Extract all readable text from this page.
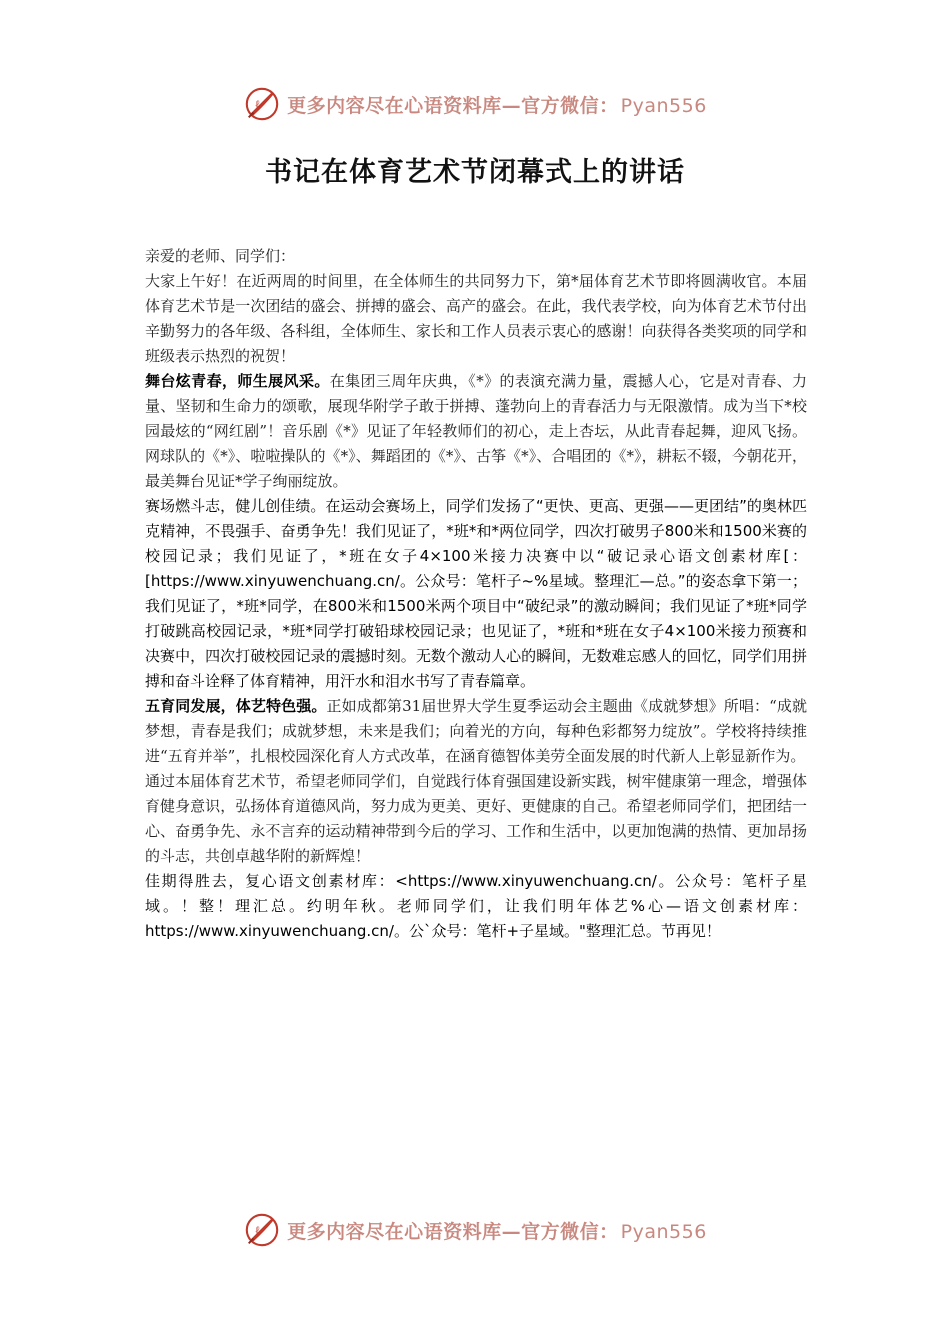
ℓ 更多内容尽在心语资料库—官方微信： Pyan556
书记在体育艺术节闭幕式上的讲话

亲爱的老师、同学们：

大家上午好！在近两周的时间里，在全体师生的共同努力下，第*届体育艺术节即将圆满收官。本届体育艺术节是一次团结的盛会、拼搏的盛会、高产的盛会。在此，我代表学校，向为体育艺术节付出辛勤努力的各年级、各科组，全体师生、家长和工作人员表示衷心的感谢！向获得各类奖项的同学和班级表示热烈的祝贺！

舞台炫青春，师生展风采。在集团三周年庆典，《*》的表演充满力量，震撼人心，它是对青春、力量、坚韧和生命力的颂歌，展现华附学子敢于拼搏、蓬勃向上的青春活力与无限激情。成为当下*校园最炫的“网红剧”！音乐剧《*》见证了年轻教师们的初心，走上杏坛，从此青春起舞，迎风飞扬。网球队的《*》、啦啦操队的《*》、舞蹈团的《*》、古筝《*》、合唱团的《*》，耕耘不辍，今朝花开，最美舞台见证*学子绚丽绽放。

赛场燃斗志，健儿创佳绩。在运动会赛场上，同学们发扬了“更快、更高、更强——更团结”的奥林匹克精神，不畏强手、奋勇争先！我们见证了，*班*和*两位同学，四次打破男子800米和1500米赛的校园记录；我们见证了，*班在女子4×100米接力决赛中以“破记录心语文创素材库[：[https://www.xinyuwenchuang.cn/。公众号：笔杆子~%星域。整理汇—总。”的姿态拿下第一；我们见证了，*班*同学，在800米和1500米两个项目中“破纪录”的激动瞬间；我们见证了*班*同学打破跳高校园记录，*班*同学打破铅球校园记录；也见证了，*班和*班在女子4×100米接力预赛和决赛中，四次打破校园记录的震撼时刻。无数个激动人心的瞬间，无数难忘感人的回忆，同学们用拼搏和奋斗诠释了体育精神，用汗水和泪水书写了青春篇章。

五育同发展，体艺特色强。正如成都第31届世界大学生夏季运动会主题曲《成就梦想》所唱：“成就梦想，青春是我们；成就梦想，未来是我们；向着光的方向，每种色彩都努力绽放”。学校将持续推进“五育并举”，扎根校园深化育人方式改革，在涵育德智体美劳全面发展的时代新人上彰显新作为。

通过本届体育艺术节，希望老师同学们，自觉践行体育强国建设新实践，树牢健康第一理念，增强体育健身意识，弘扬体育道德风尚，努力成为更美、更好、更健康的自己。希望老师同学们，把团结一心、奋勇争先、永不言弃的运动精神带到今后的学习、工作和生活中，以更加饱满的热情、更加昂扬的斗志，共创卓越华附的新辉煌！

佳期得胜去，复心语文创素材库：<https://www.xinyuwenchuang.cn/。公众号：笔杆子星域。！整！理汇总。约明年秋。老师同学们，让我们明年体艺%心—语文创素材库：https://www.xinyuwenchuang.cn/。公`众号：笔杆+子星域。"整理汇总。节再见！

ℓ 更多内容尽在心语资料库—官方微信： Pyan556
